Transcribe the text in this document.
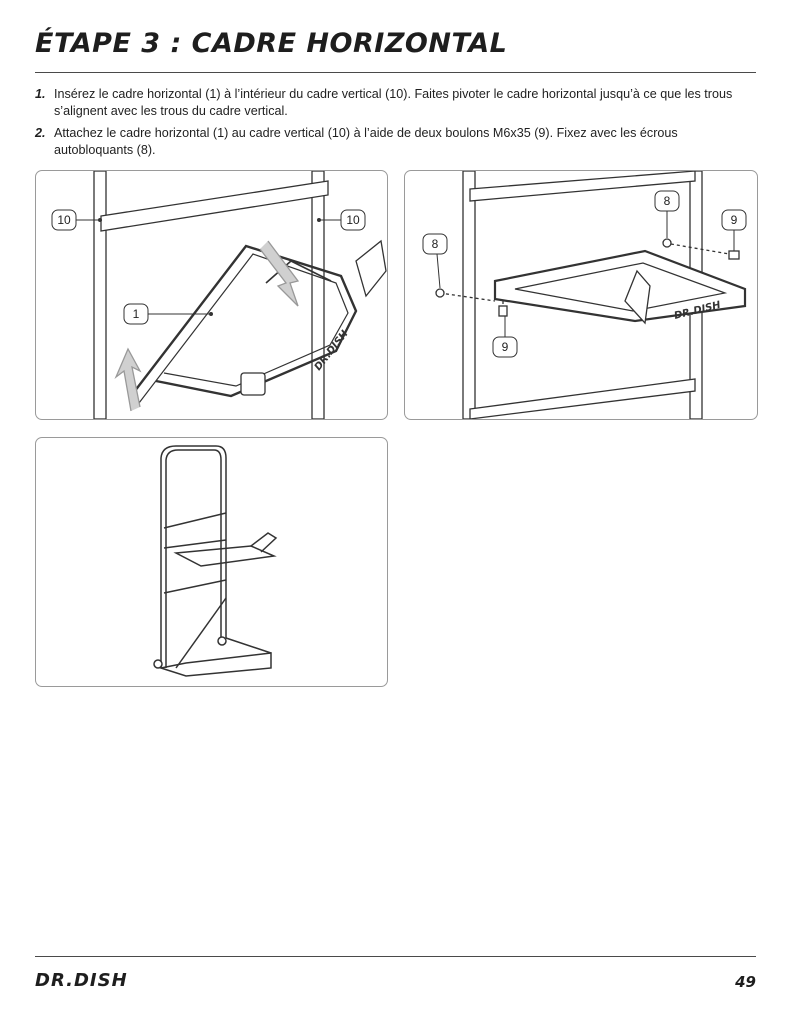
ÉTAPE 3 : CADRE HORIZONTAL
1. Insérez le cadre horizontal (1) à l’intérieur du cadre vertical (10). Faites pivoter le cadre horizontal jusqu’à ce que les trous s’alignent avec les trous du cadre vertical.
2. Attachez le cadre horizontal (1) au cadre vertical (10) à l’aide de deux boulons M6x35 (9). Fixez avec les écrous autobloquants (8).
DR.DISH
10	10
1	DR.DISH
8
8
9
9
DR.DISH	49
